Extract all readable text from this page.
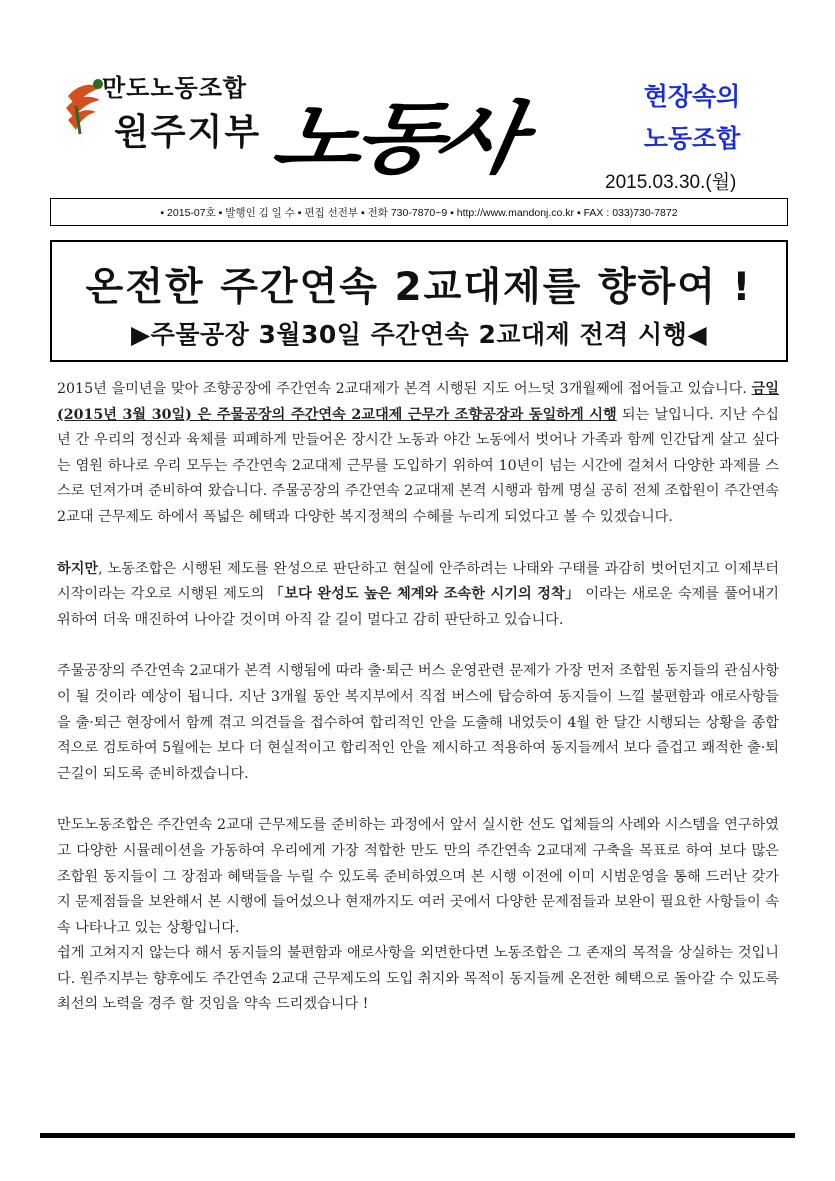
만도노동조합
원주지부 노동사	현장속의
노동조합
2015.03.30.(월)
▪ 2015-07호 ▪ 발행인 김 일 수 ▪ 편집 선전부 ▪ 전화 730-7870~9 ▪ http://www.mandonj.co.kr ▪ FAX : 033)730-7872
온전한 주간연속 2교대제를 향하여 !
▶주물공장 3월30일 주간연속 2교대제 전격 시행◀

2015년 을미년을 맞아 조향공장에 주간연속 2교대제가 본격 시행된 지도 어느덧 3개월째에 접어들고 있습니다. 금일 (2015년 3월 30일) 은 주물공장의 주간연속 2교대제 근무가 조향공장과 동일하게 시행 되는 날입니다. 지난 수십년 간 우리의 정신과 육체를 피폐하게 만들어온 장시간 노동과 야간 노동에서 벗어나 가족과 함께 인간답게 살고 싶다는 염원 하나로 우리 모두는 주간연속 2교대제 근무를 도입하기 위하여 10년이 넘는 시간에 걸쳐서 다양한 과제를 스스로 던져가며 준비하여 왔습니다. 주물공장의 주간연속 2교대제 본격 시행과 함께 명실 공히 전체 조합원이 주간연속 2교대 근무제도 하에서 폭넓은 혜택과 다양한 복지정책의 수혜를 누리게 되었다고 볼 수 있겠습니다.

하지만, 노동조합은 시행된 제도를 완성으로 판단하고 현실에 안주하려는 나태와 구태를 과감히 벗어던지고 이제부터 시작이라는 각오로 시행된 제도의 「보다 완성도 높은 체계와 조속한 시기의 정착」 이라는 새로운 숙제를 풀어내기 위하여 더욱 매진하여 나아갈 것이며 아직 갈 길이 멀다고 감히 판단하고 있습니다.

주물공장의 주간연속 2교대가 본격 시행됨에 따라 출·퇴근 버스 운영관련 문제가 가장 먼저 조합원 동지들의 관심사항이 될 것이라 예상이 됩니다. 지난 3개월 동안 복지부에서 직접 버스에 탑승하여 동지들이 느낄 불편함과 애로사항들을 출·퇴근 현장에서 함께 겪고 의견들을 접수하여 합리적인 안을 도출해 내었듯이 4월 한 달간 시행되는 상황을 종합적으로 검토하여 5월에는 보다 더 현실적이고 합리적인 안을 제시하고 적용하여 동지들께서 보다 즐겁고 쾌적한 출·퇴근길이 되도록 준비하겠습니다.

만도노동조합은 주간연속 2교대 근무제도를 준비하는 과정에서 앞서 실시한 선도 업체들의 사례와 시스템을 연구하였고 다양한 시뮬레이션을 가동하여 우리에게 가장 적합한 만도 만의 주간연속 2교대제 구축을 목표로 하여 보다 많은 조합원 동지들이 그 장점과 혜택들을 누릴 수 있도록 준비하였으며 본 시행 이전에 이미 시범운영을 통해 드러난 갖가지 문제점들을 보완해서 본 시행에 들어섰으나 현재까지도 여러 곳에서 다양한 문제점들과 보완이 필요한 사항들이 속속 나타나고 있는 상황입니다.

쉽게 고쳐지지 않는다 해서 동지들의 불편함과 애로사항을 외면한다면 노동조합은 그 존재의 목적을 상실하는 것입니다. 원주지부는 향후에도 주간연속 2교대 근무제도의 도입 취지와 목적이 동지들께 온전한 혜택으로 돌아갈 수 있도록 최선의 노력을 경주 할 것임을 약속 드리겠습니다 !
